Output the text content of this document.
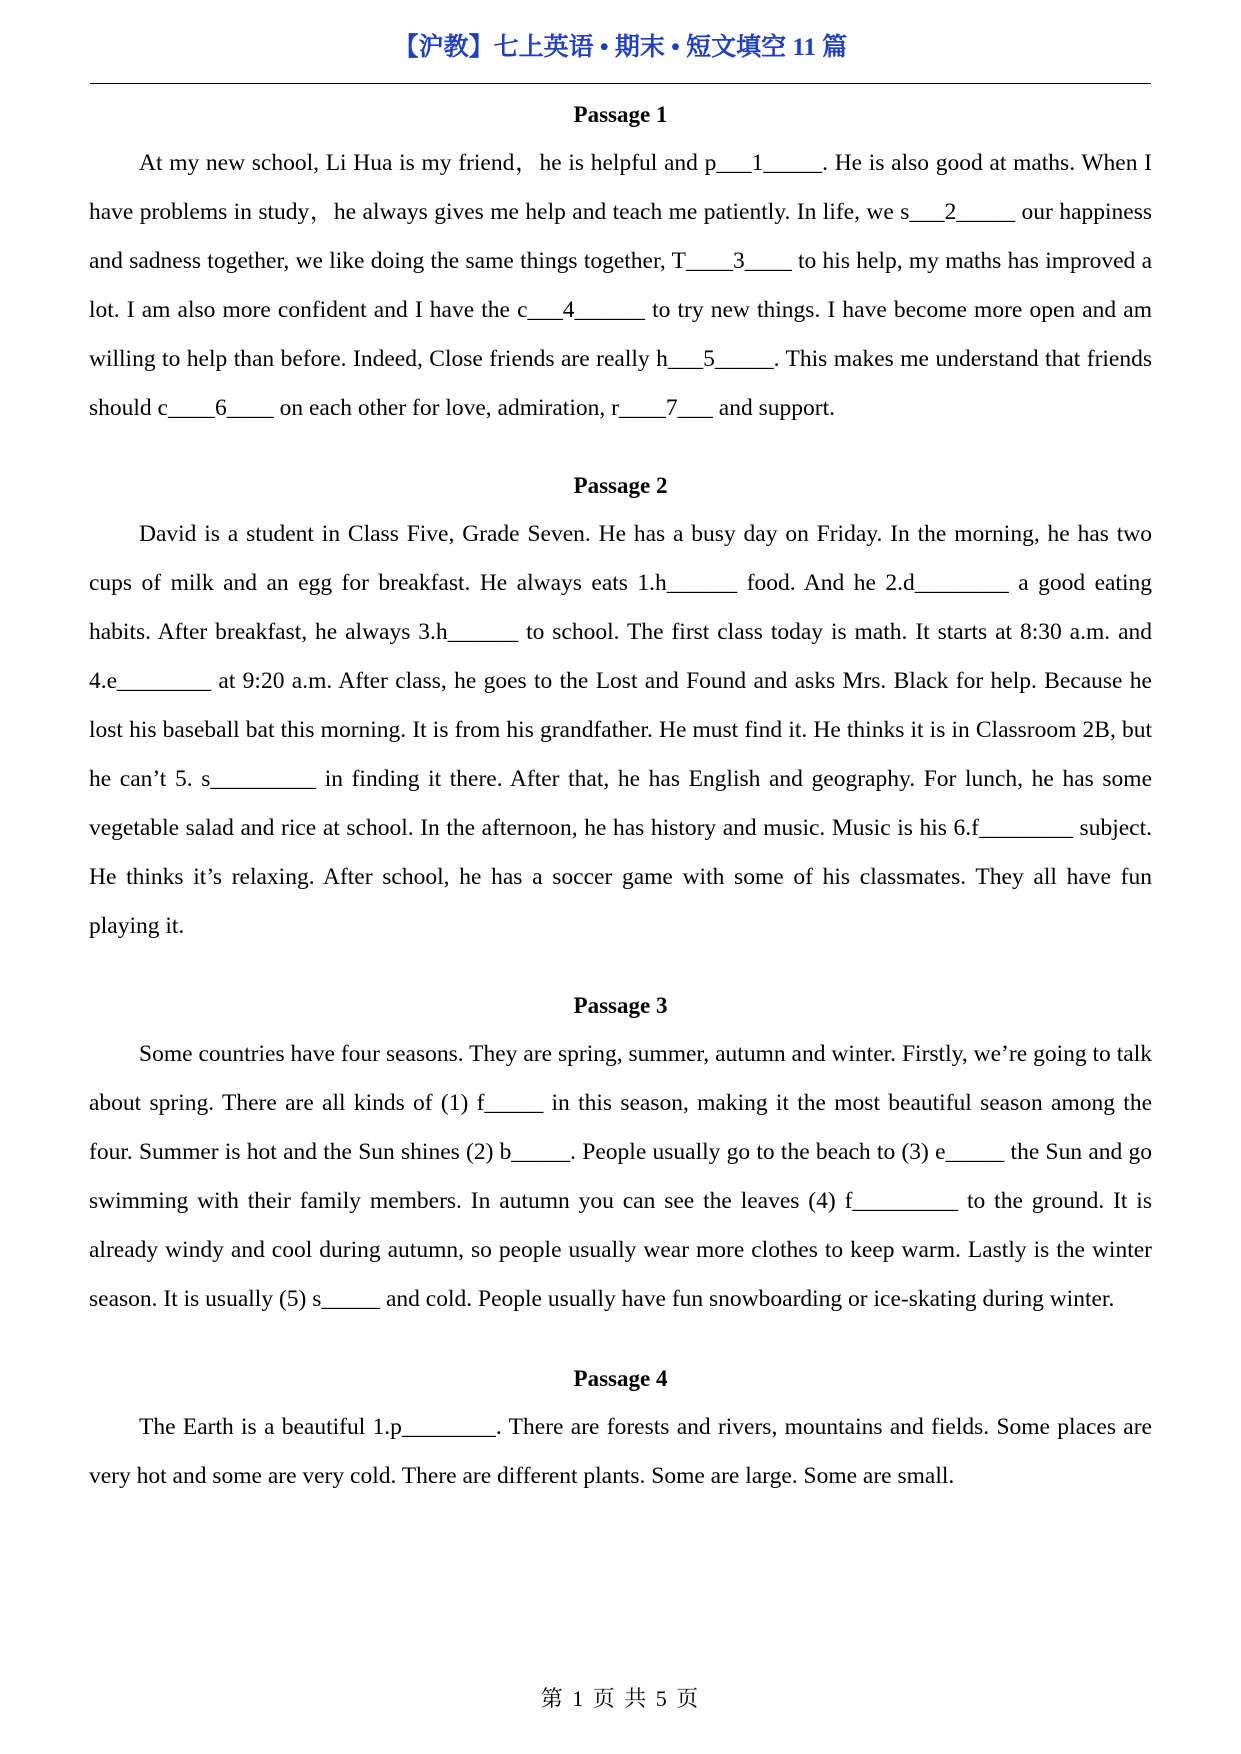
【沪教】七上英语 • 期末 • 短文填空 11 篇
Passage 1

At my new school, Li Hua is my friend，he is helpful and p___1_____. He is also good at maths. When I have problems in study，he always gives me help and teach me patiently. In life, we s___2_____ our happiness and sadness together, we like doing the same things together, T____3____ to his help, my maths has improved a lot. I am also more confident and I have the c___4______ to try new things. I have become more open and am willing to help than before. Indeed, Close friends are really h___5_____. This makes me understand that friends should c____6____ on each other for love, admiration, r____7___ and support.

Passage 2

David is a student in Class Five, Grade Seven. He has a busy day on Friday. In the morning, he has two cups of milk and an egg for breakfast. He always eats 1.h______ food. And he 2.d________ a good eating habits. After breakfast, he always 3.h______ to school. The first class today is math. It starts at 8:30 a.m. and 4.e________ at 9:20 a.m. After class, he goes to the Lost and Found and asks Mrs. Black for help. Because he lost his baseball bat this morning. It is from his grandfather. He must find it. He thinks it is in Classroom 2B, but he can’t 5. s_________ in finding it there. After that, he has English and geography. For lunch, he has some vegetable salad and rice at school. In the afternoon, he has history and music. Music is his 6.f________ subject. He thinks it’s relaxing. After school, he has a soccer game with some of his classmates. They all have fun playing it.

Passage 3

Some countries have four seasons. They are spring, summer, autumn and winter. Firstly, we’re going to talk about spring. There are all kinds of (1) f_____ in this season, making it the most beautiful season among the four. Summer is hot and the Sun shines (2) b_____. People usually go to the beach to (3) e_____ the Sun and go swimming with their family members. In autumn you can see the leaves (4) f_________ to the ground. It is already windy and cool during autumn, so people usually wear more clothes to keep warm. Lastly is the winter season. It is usually (5) s_____ and cold. People usually have fun snowboarding or ice-skating during winter.

Passage 4

The Earth is a beautiful 1.p________. There are forests and rivers, mountains and fields. Some places are very hot and some are very cold. There are different plants. Some are large. Some are small.

第 1 页 共 5 页
